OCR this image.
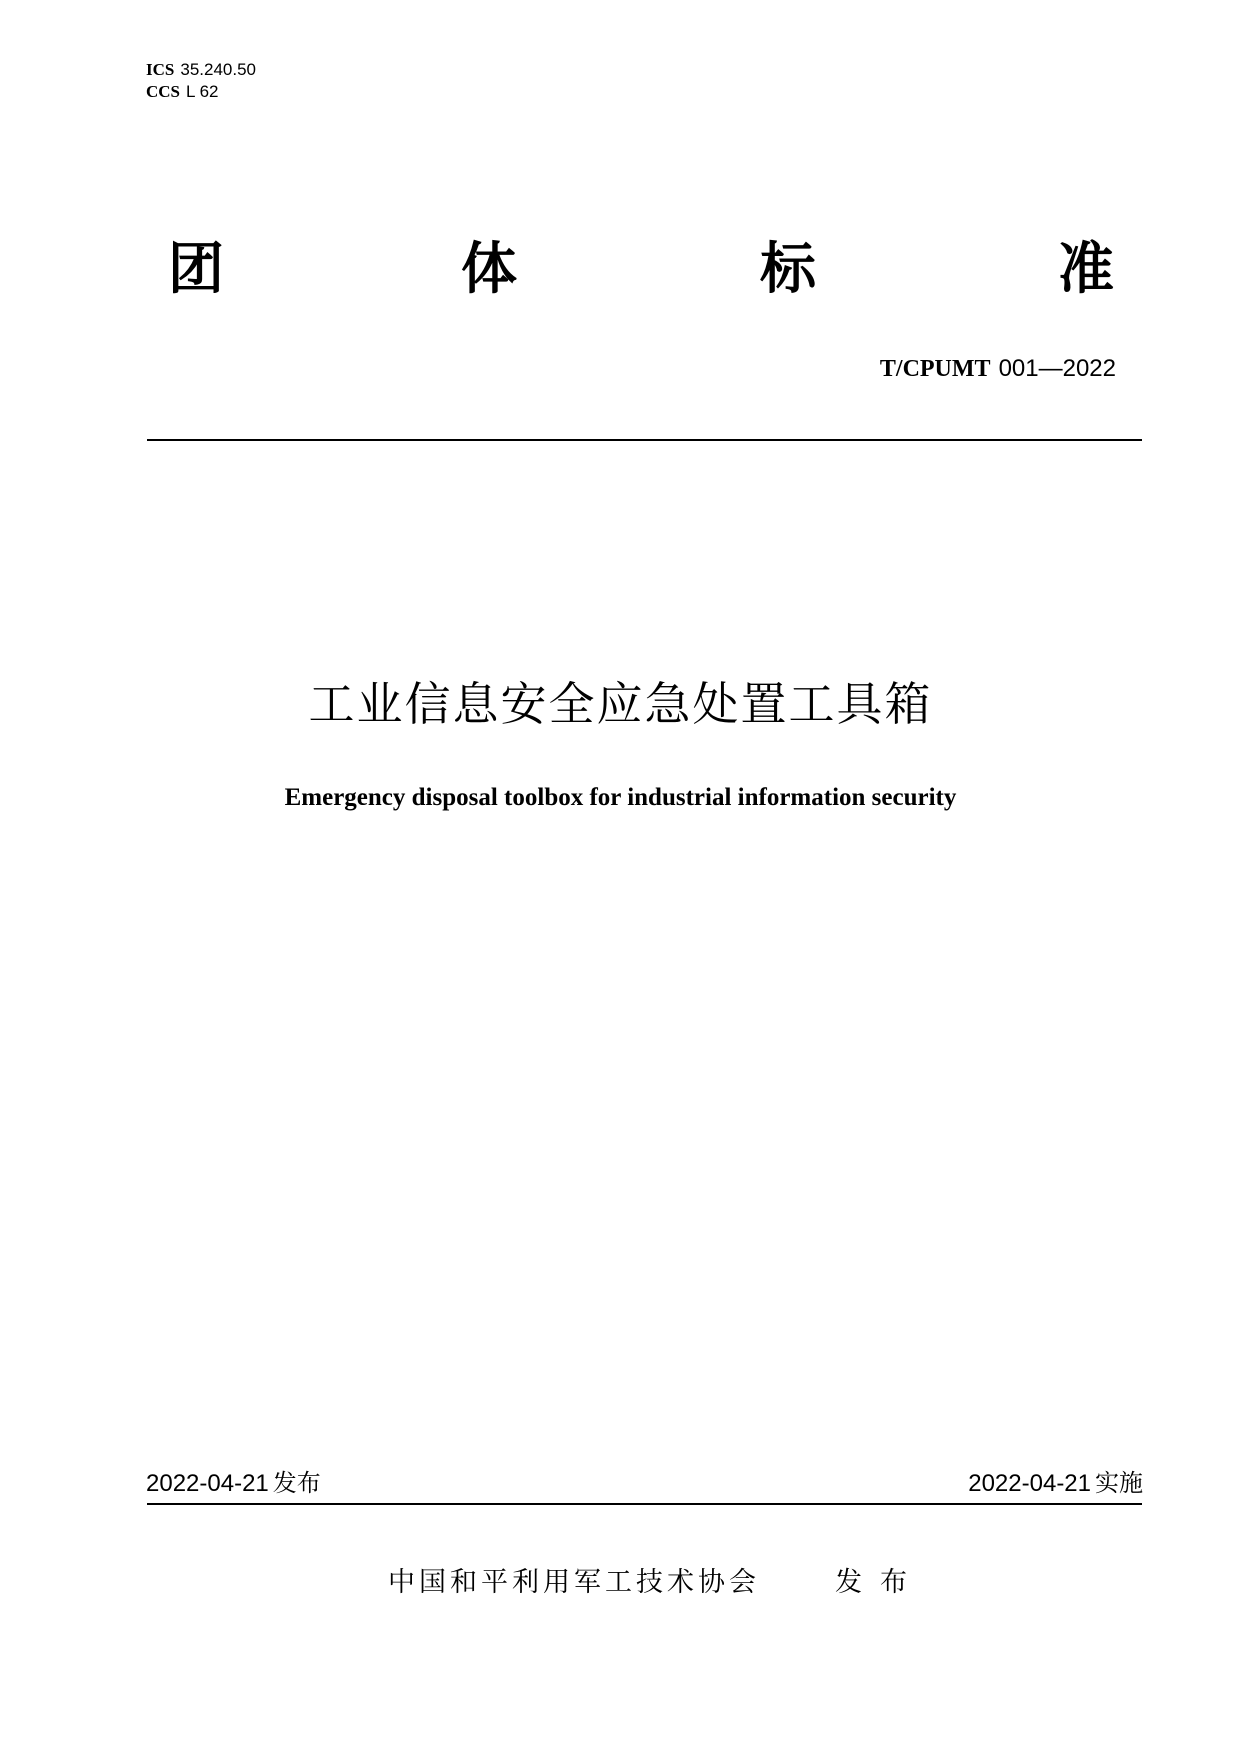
ICS 35.240.50
CCS L 62
团	体	标	准
T/CPUMT 001—2022
工业信息安全应急处置工具箱
Emergency disposal toolbox for industrial information security
2022-04-21 发布	2022-04-21 实施
中国和平利用军工技术协会	发布
